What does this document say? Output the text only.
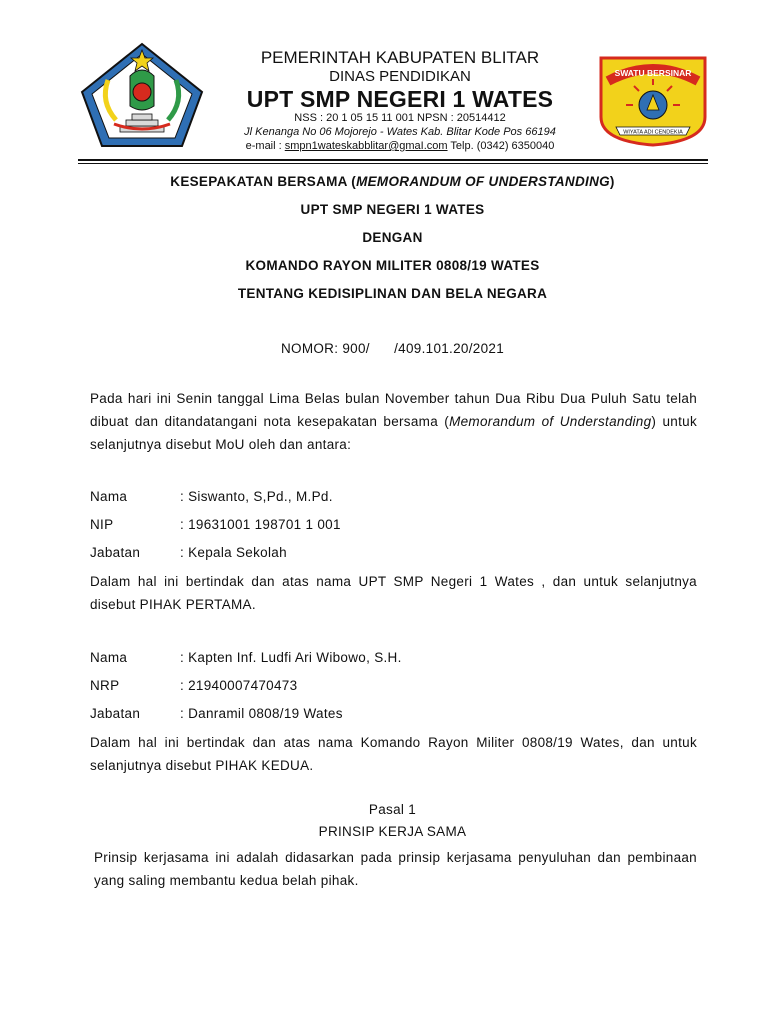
SWATU BERSINAR
WIYATA ADI CENDEKIA
PEMERINTAH KABUPATEN BLITAR
DINAS PENDIDIKAN
UPT SMP NEGERI 1 WATES
NSS : 20 1 05 15 11 001 NPSN : 20514412
Jl Kenanga No 06 Mojorejo - Wates Kab. Blitar Kode Pos 66194
e-mail : smpn1wateskabblitar@gmaI.com Telp. (0342) 6350040
KESEPAKATAN BERSAMA (MEMORANDUM OF UNDERSTANDING)
UPT SMP NEGERI 1 WATES
DENGAN
KOMANDO RAYON MILITER 0808/19 WATES
TENTANG KEDISIPLINAN DAN BELA NEGARA
NOMOR: 900/      /409.101.20/2021
Pada hari ini Senin tanggal Lima Belas bulan November tahun Dua Ribu Dua Puluh Satu telah dibuat dan ditandatangani nota kesepakatan bersama (Memorandum of Understanding) untuk selanjutnya disebut MoU oleh dan antara:
Nama	: Siswanto, S,Pd., M.Pd.
NIP	: 19631001 198701 1 001
Jabatan	: Kepala Sekolah
Dalam hal ini bertindak dan atas nama UPT SMP Negeri 1 Wates , dan untuk selanjutnya disebut PIHAK PERTAMA.
Nama	: Kapten Inf. Ludfi Ari Wibowo, S.H.
NRP	: 21940007470473
Jabatan	: Danramil 0808/19 Wates
Dalam hal ini bertindak dan atas nama Komando Rayon Militer 0808/19 Wates, dan untuk selanjutnya disebut PIHAK KEDUA.
Pasal 1
PRINSIP KERJA SAMA
Prinsip kerjasama ini adalah didasarkan pada prinsip kerjasama penyuluhan dan pembinaan yang saling membantu kedua belah pihak.
